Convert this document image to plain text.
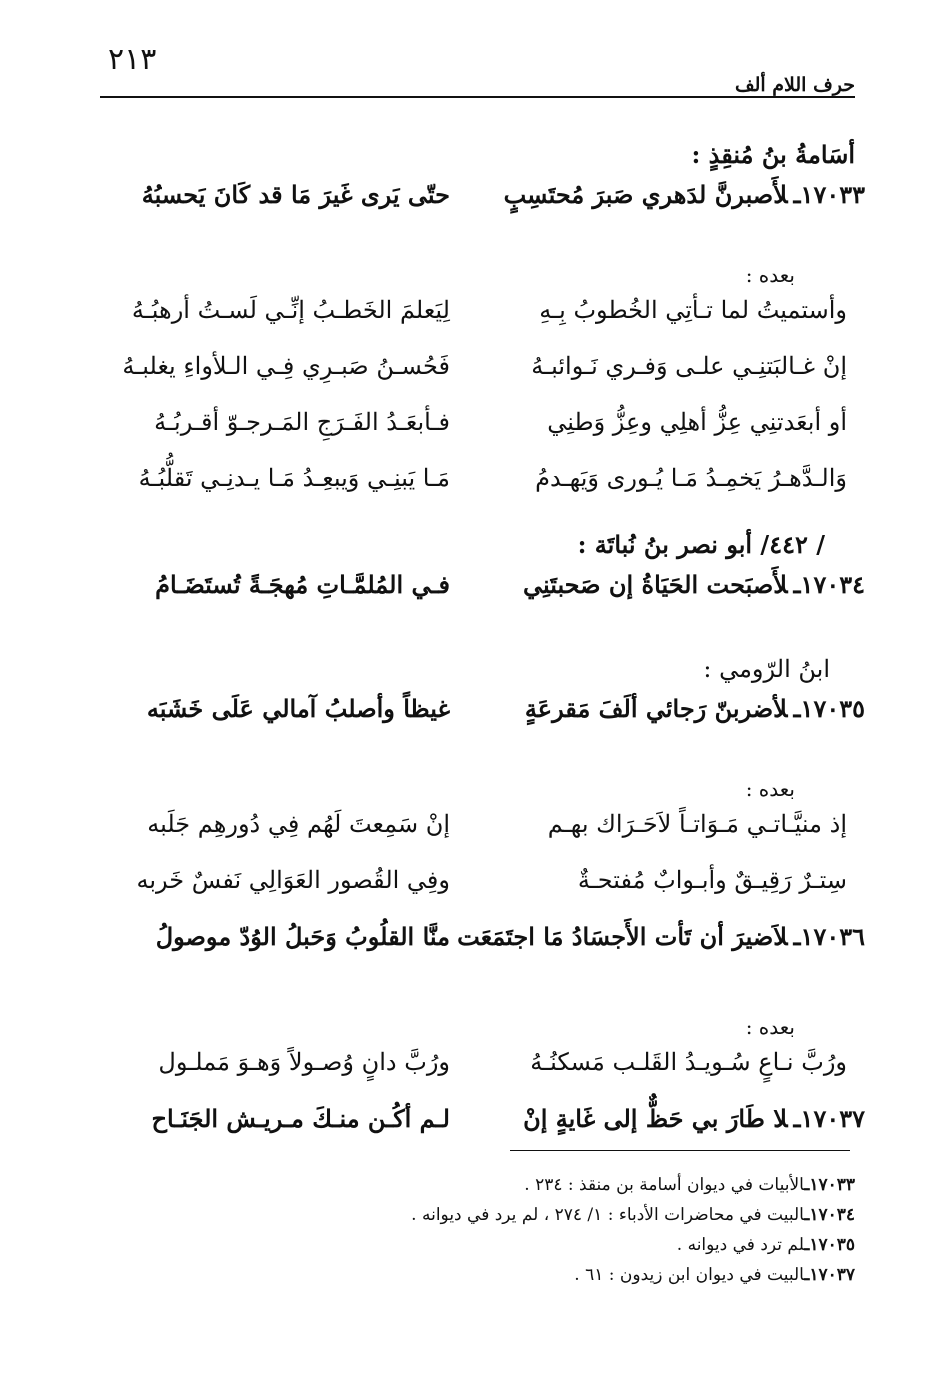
٢١٣
حرف اللام ألف
أسَامةُ بنُ مُنقِذٍ :
١٧٠٣٣ـلأَصبرنَّ لدَهري صَبرَ مُحتَسِبٍ
حتّى يَرى غَيرَ مَا قد كَانَ يَحسبُهُ
بعده :
وأستميتُ لما تـأتِي الخُطوبُ بِـهِ
لِيَعلمَ الخَطـبُ إنِّـي لَسـتُ أرهبُـهُ
إنْ غـالبَتنِـي علـى وَفـري نَـوائبـهُ
فَحُسـنُ صَبـرِي فِـي الـلأواءِ يغلبـهُ
أو أبعَدتنِي عِزُّ أهلِي وعِزُّ وَطنِي
فـأبعَـدُ الفَـرَجِ المَـرجـوّ أقـربُـهُ
وَالـدَّهـرُ يَخمِـدُ مَـا يُـورى وَيَهـدمُ
مَـا يَبنِـي وَيبعِـدُ مَـا يـدنِـي تَقلُّبُـهُ
/ ٤٤٢/ أبو نصر بنُ نُباتَة :
١٧٠٣٤ـلأَصبَحت الحَيَاةُ إن صَحبتَنِي
فـي المُلمَّـاتِ مُهجَـةً تُستَضَـامُ
ابنُ الرّومي :
١٧٠٣٥ـلأضربنّ رَجائي ألَفَ مَقرعَةٍ
غيظاً وأصلبُ آمالي عَلَى خَشَبَه
بعده :
إذ منيَّـاتـي مَـوَاتـاً لاَحَـرَاك بهـم
إنْ سَمِعتَ لَهُم فِي دُورهِم جَلَبه
سِتـرٌ رَقِيـقٌ وأبـوابٌ مُفتحـةٌ
وفِي القُصور العَوَالِي نَفسٌ خَربه
١٧٠٣٦ـلاَضيرَ أن تَأت الأَجسَادُ مَا اجتَمَعَت
منَّا القلُوبُ وَحَبلُ الوُدّ موصولُ
بعده :
ورُبَّ نـاعٍ سُـويـدُ القَلـب مَسكنُـهُ
ورُبَّ دانٍ وُصـولاً وَهـوَ مَملـول
١٧٠٣٧ـلا طَارَ بي حَظٌّ إلى غَايةٍ إنْ
لـم أكُـن منـكَ مـريـش الجَنَـاح
١٧٠٣٣ـالأبيات في ديوان أسامة بن منقذ : ٢٣٤ .
١٧٠٣٤ـالبيت في محاضرات الأدباء : ١/ ٢٧٤ ، لم يرد في ديوانه .
١٧٠٣٥ـلم ترد في ديوانه .
١٧٠٣٧ـالبيت في ديوان ابن زيدون : ٦١ .
